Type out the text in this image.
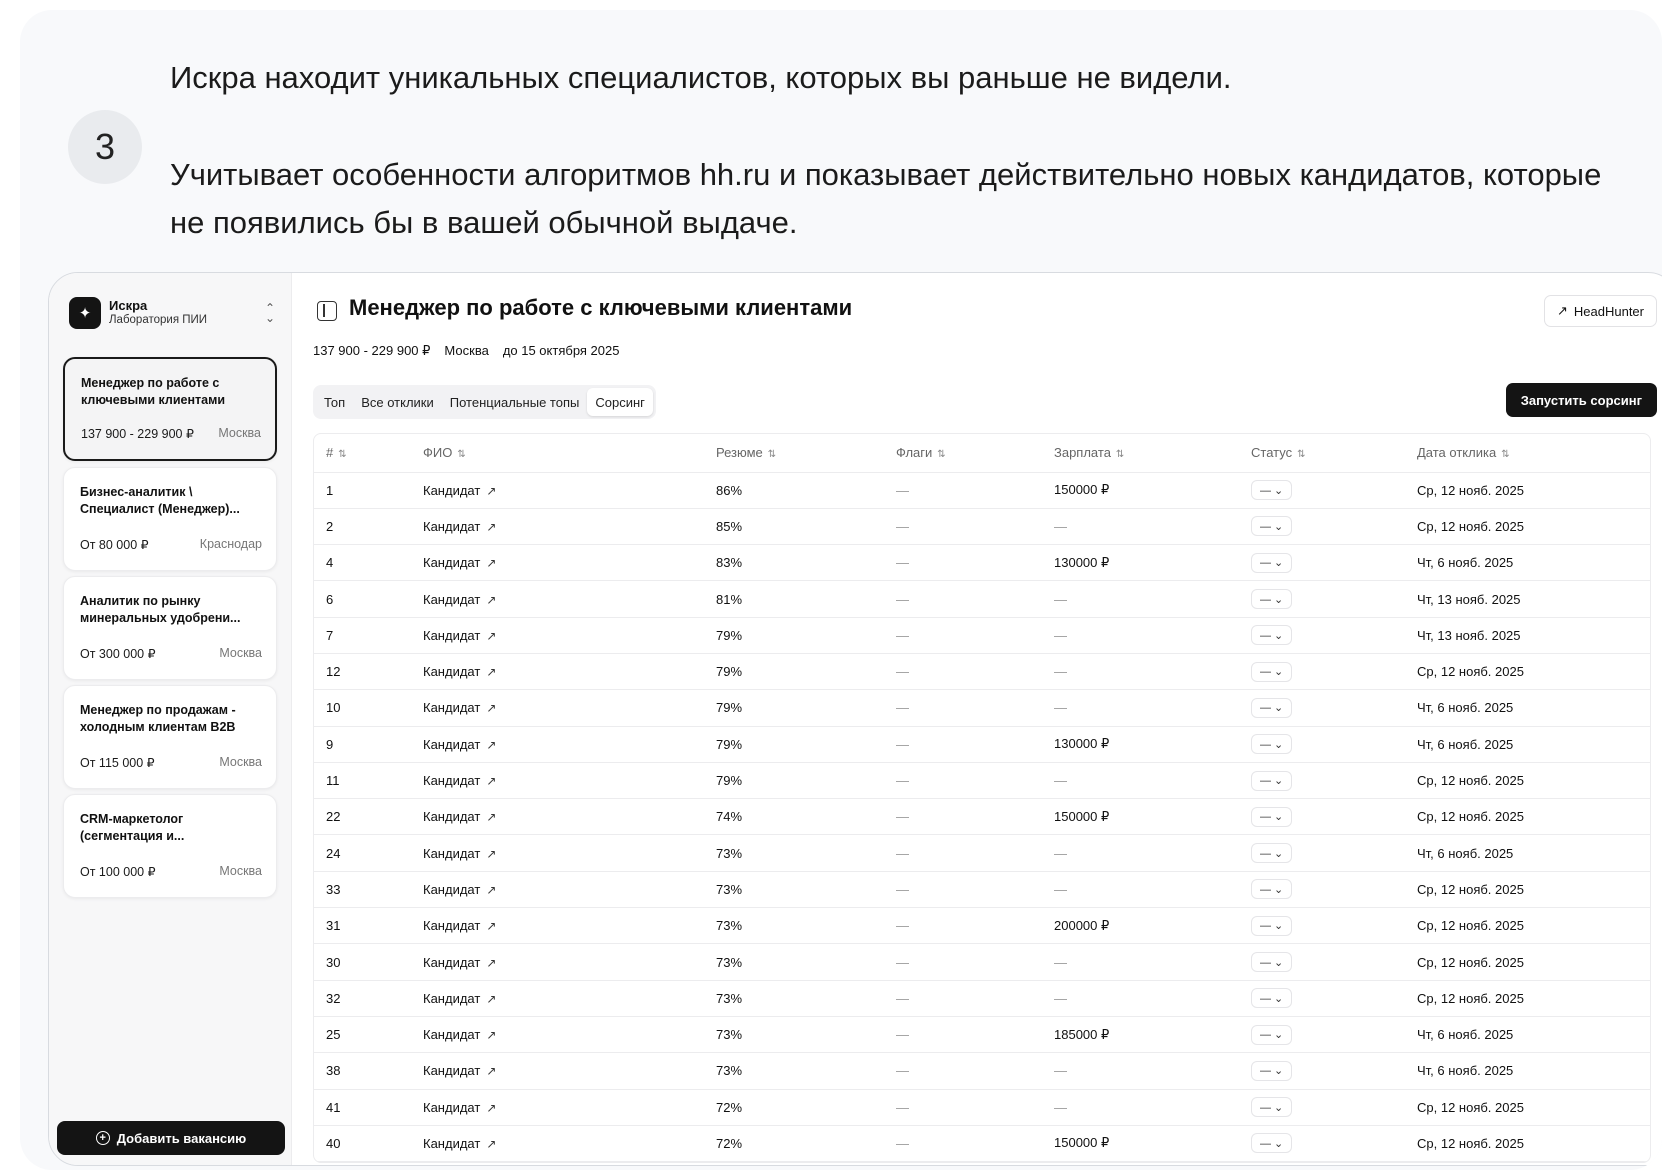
3

Искра находит уникальных специалистов, которых вы раньше не видели.

Учитывает особенности алгоритмов hh.ru и показывает действительно новых кандидатов, которые не появились бы в вашей обычной выдаче.

✦	Искра
Лаборатория ПИИ
⌃
⌄
Менеджер по работе с ключевыми клиентами
137 900 - 229 900 ₽ Москва
Бизнес-аналитик \ Специалист (Менеджер)...
От 80 000 ₽	Краснодар
Аналитик по рынку минеральных удобрени...
От 300 000 ₽	Москва
Менеджер по продажам - холодным клиентам B2B
От 115 000 ₽	Москва
CRM-маркетолог (сегментация и...
От 100 000 ₽	Москва
+ Добавить вакансию
Менеджер по работе с ключевыми клиентами	↗ HeadHunter
137 900 - 229 900 ₽ Москва до 15 октября 2025
Топ	Все отклики	Потенциальные топы	Сорсинг	Запустить сорсинг
# ⇅	ФИО ⇅	Резюме ⇅	Флаги ⇅	Зарплата ⇅	Статус ⇅	Дата отклика ⇅
1	Кандидат ↗	86%	—	150000 ₽	— ⌄	Ср, 12 нояб. 2025
2	Кандидат ↗	85%	—	—	— ⌄	Ср, 12 нояб. 2025
4	Кандидат ↗	83%	—	130000 ₽	— ⌄	Чт, 6 нояб. 2025
6	Кандидат ↗	81%	—	—	— ⌄	Чт, 13 нояб. 2025
7	Кандидат ↗	79%	—	—	— ⌄	Чт, 13 нояб. 2025
12	Кандидат ↗	79%	—	—	— ⌄	Ср, 12 нояб. 2025
10	Кандидат ↗	79%	—	—	— ⌄	Чт, 6 нояб. 2025
9	Кандидат ↗	79%	—	130000 ₽	— ⌄	Чт, 6 нояб. 2025
11	Кандидат ↗	79%	—	—	— ⌄	Ср, 12 нояб. 2025
22	Кандидат ↗	74%	—	150000 ₽	— ⌄	Ср, 12 нояб. 2025
24	Кандидат ↗	73%	—	—	— ⌄	Чт, 6 нояб. 2025
33	Кандидат ↗	73%	—	—	— ⌄	Ср, 12 нояб. 2025
31	Кандидат ↗	73%	—	200000 ₽	— ⌄	Ср, 12 нояб. 2025
30	Кандидат ↗	73%	—	—	— ⌄	Ср, 12 нояб. 2025
32	Кандидат ↗	73%	—	—	— ⌄	Ср, 12 нояб. 2025
25	Кандидат ↗	73%	—	185000 ₽	— ⌄	Чт, 6 нояб. 2025
38	Кандидат ↗	73%	—	—	— ⌄	Чт, 6 нояб. 2025
41	Кандидат ↗	72%	—	—	— ⌄	Ср, 12 нояб. 2025
40	Кандидат ↗	72%	—	150000 ₽	— ⌄	Ср, 12 нояб. 2025
